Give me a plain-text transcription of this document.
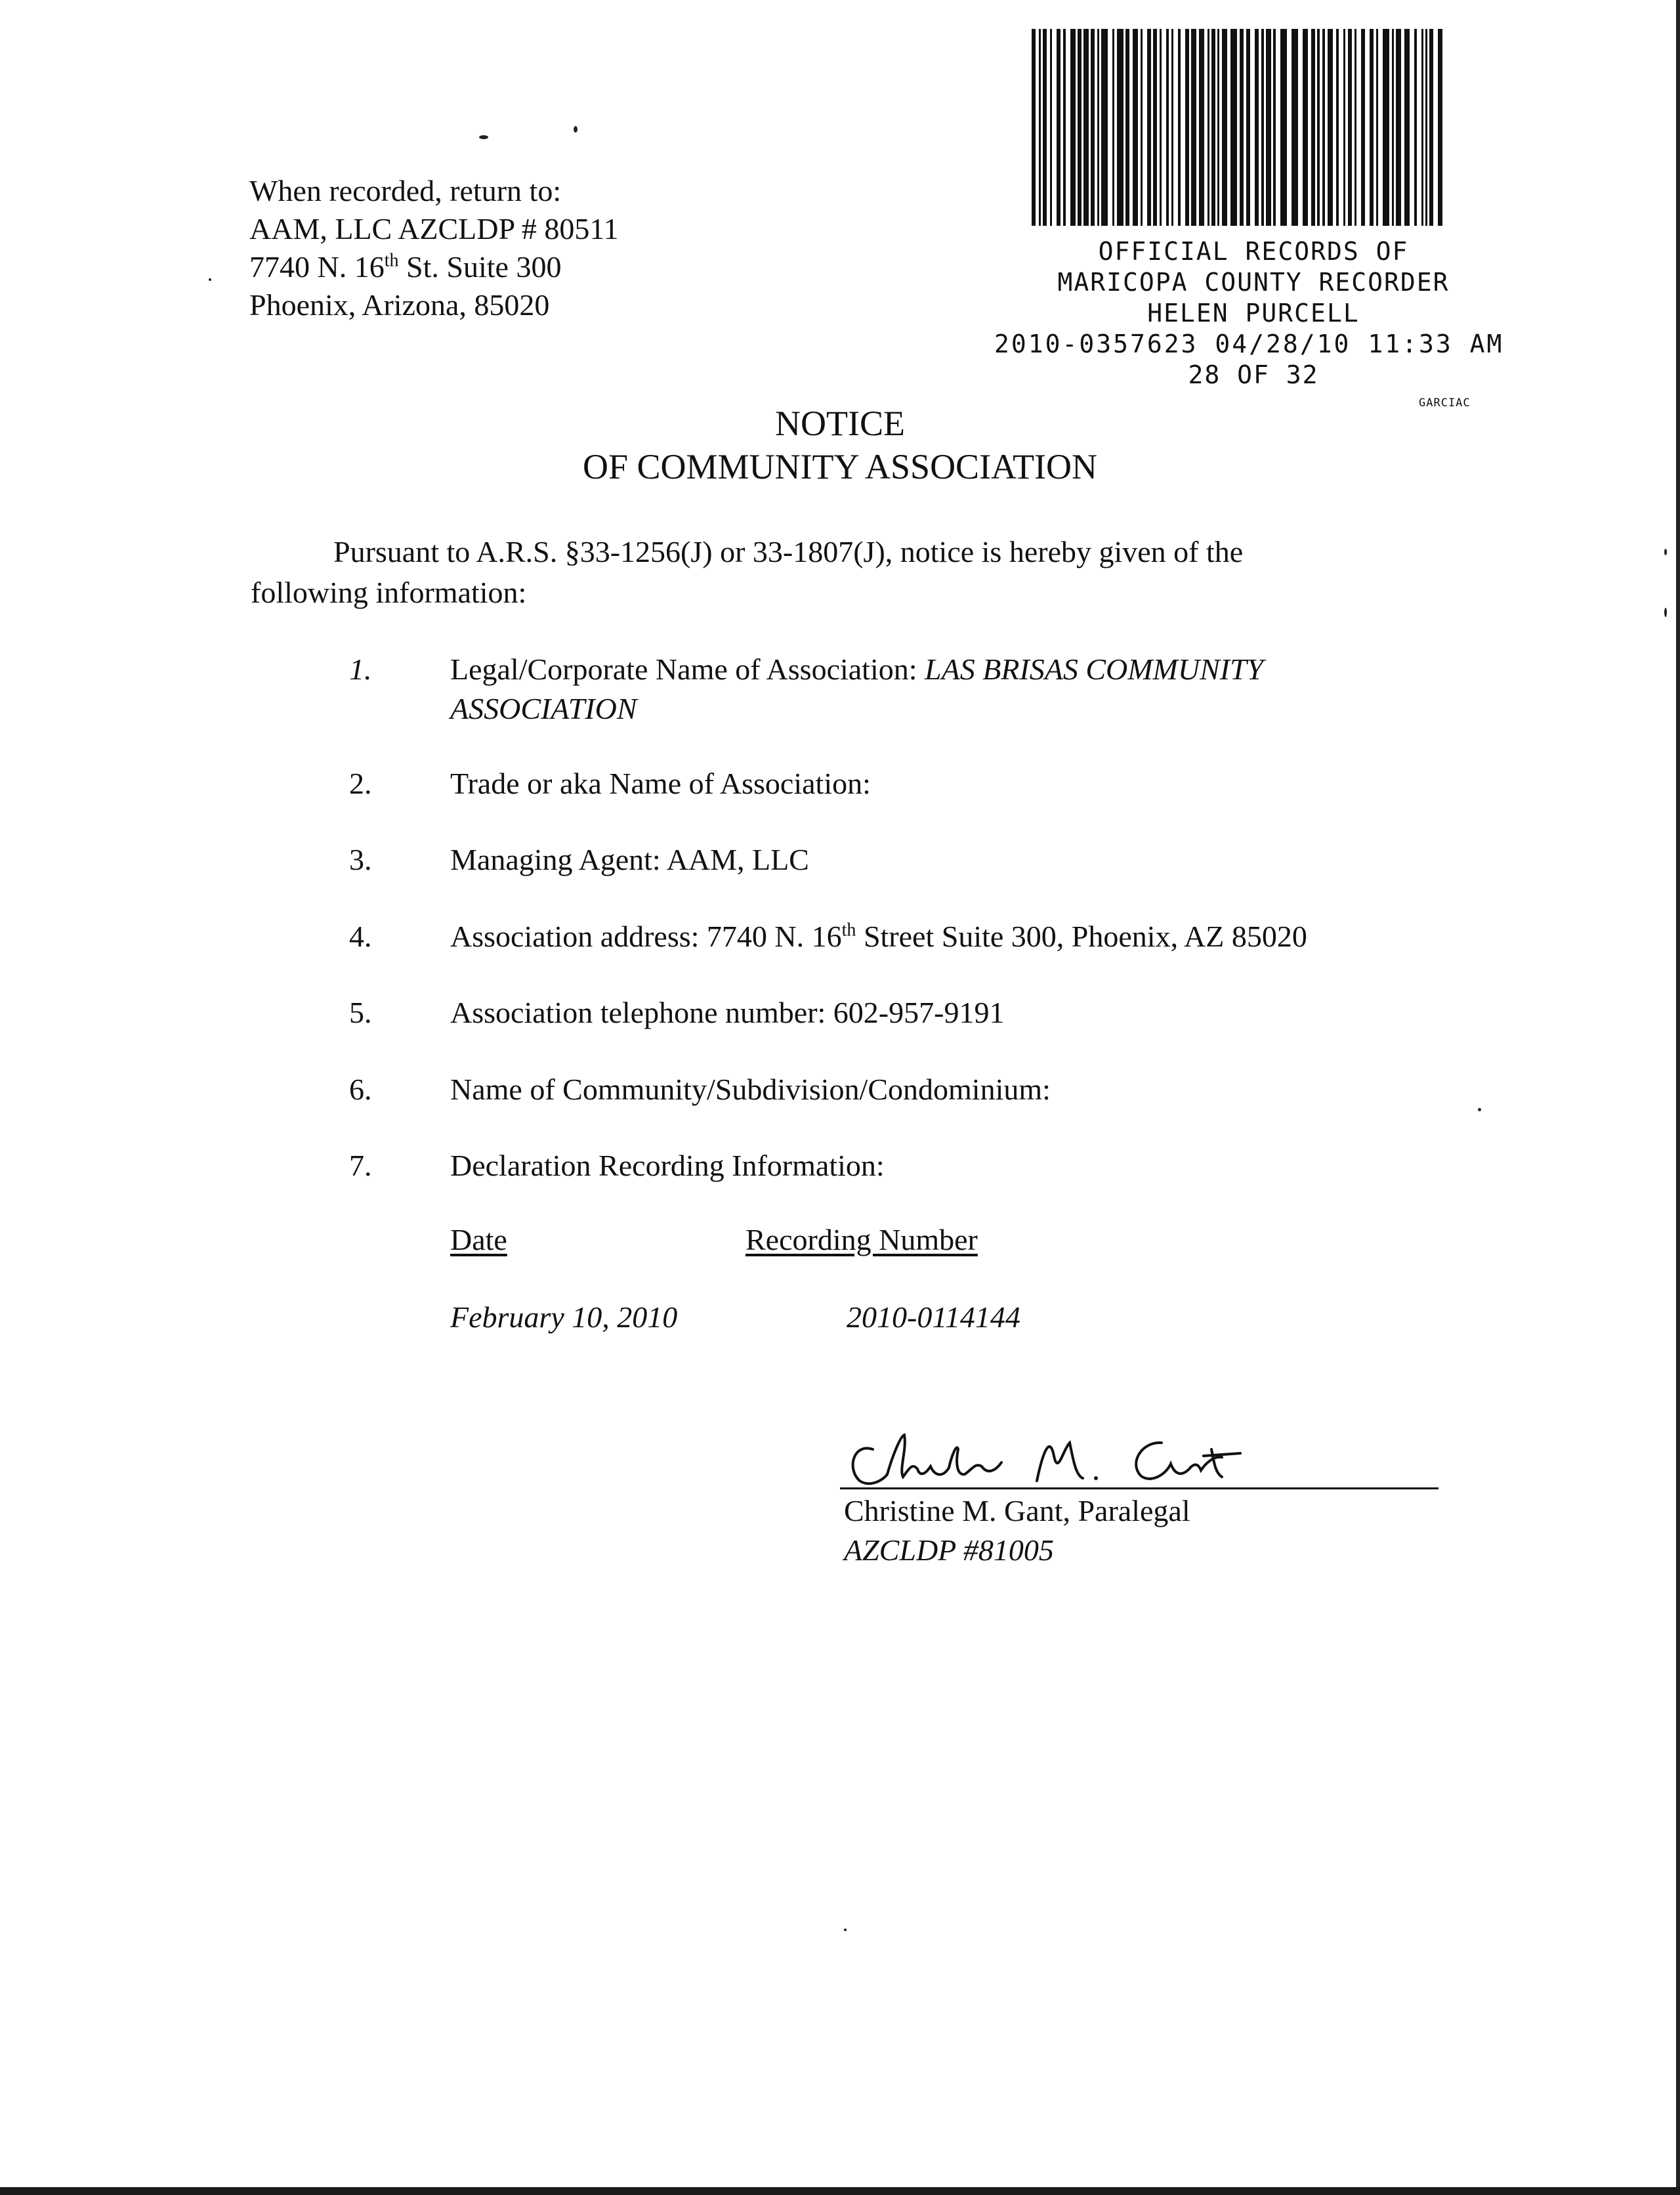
When recorded, return to:
AAM, LLC AZCLDP # 80511
7740 N. 16th St. Suite 300
Phoenix, Arizona, 85020
OFFICIAL RECORDS OF
MARICOPA COUNTY RECORDER
HELEN PURCELL
2010-0357623 04/28/10 11:33 AM
28 OF 32
GARCIAC
NOTICE
OF COMMUNITY ASSOCIATION
Pursuant to A.R.S. §33-1256(J) or 33-1807(J), notice is hereby given of the
following information:
1.	Legal/Corporate Name of Association: LAS BRISAS COMMUNITY
ASSOCIATION
2.	Trade or aka Name of Association:
3.	Managing Agent: AAM, LLC
4.	Association address: 7740 N. 16th Street Suite 300, Phoenix, AZ 85020
5.	Association telephone number: 602-957-9191
6.	Name of Community/Subdivision/Condominium:
7.	Declaration Recording Information:
Date	Recording Number
February 10, 2010	2010-0114144
Christine M. Gant, Paralegal
AZCLDP #81005
